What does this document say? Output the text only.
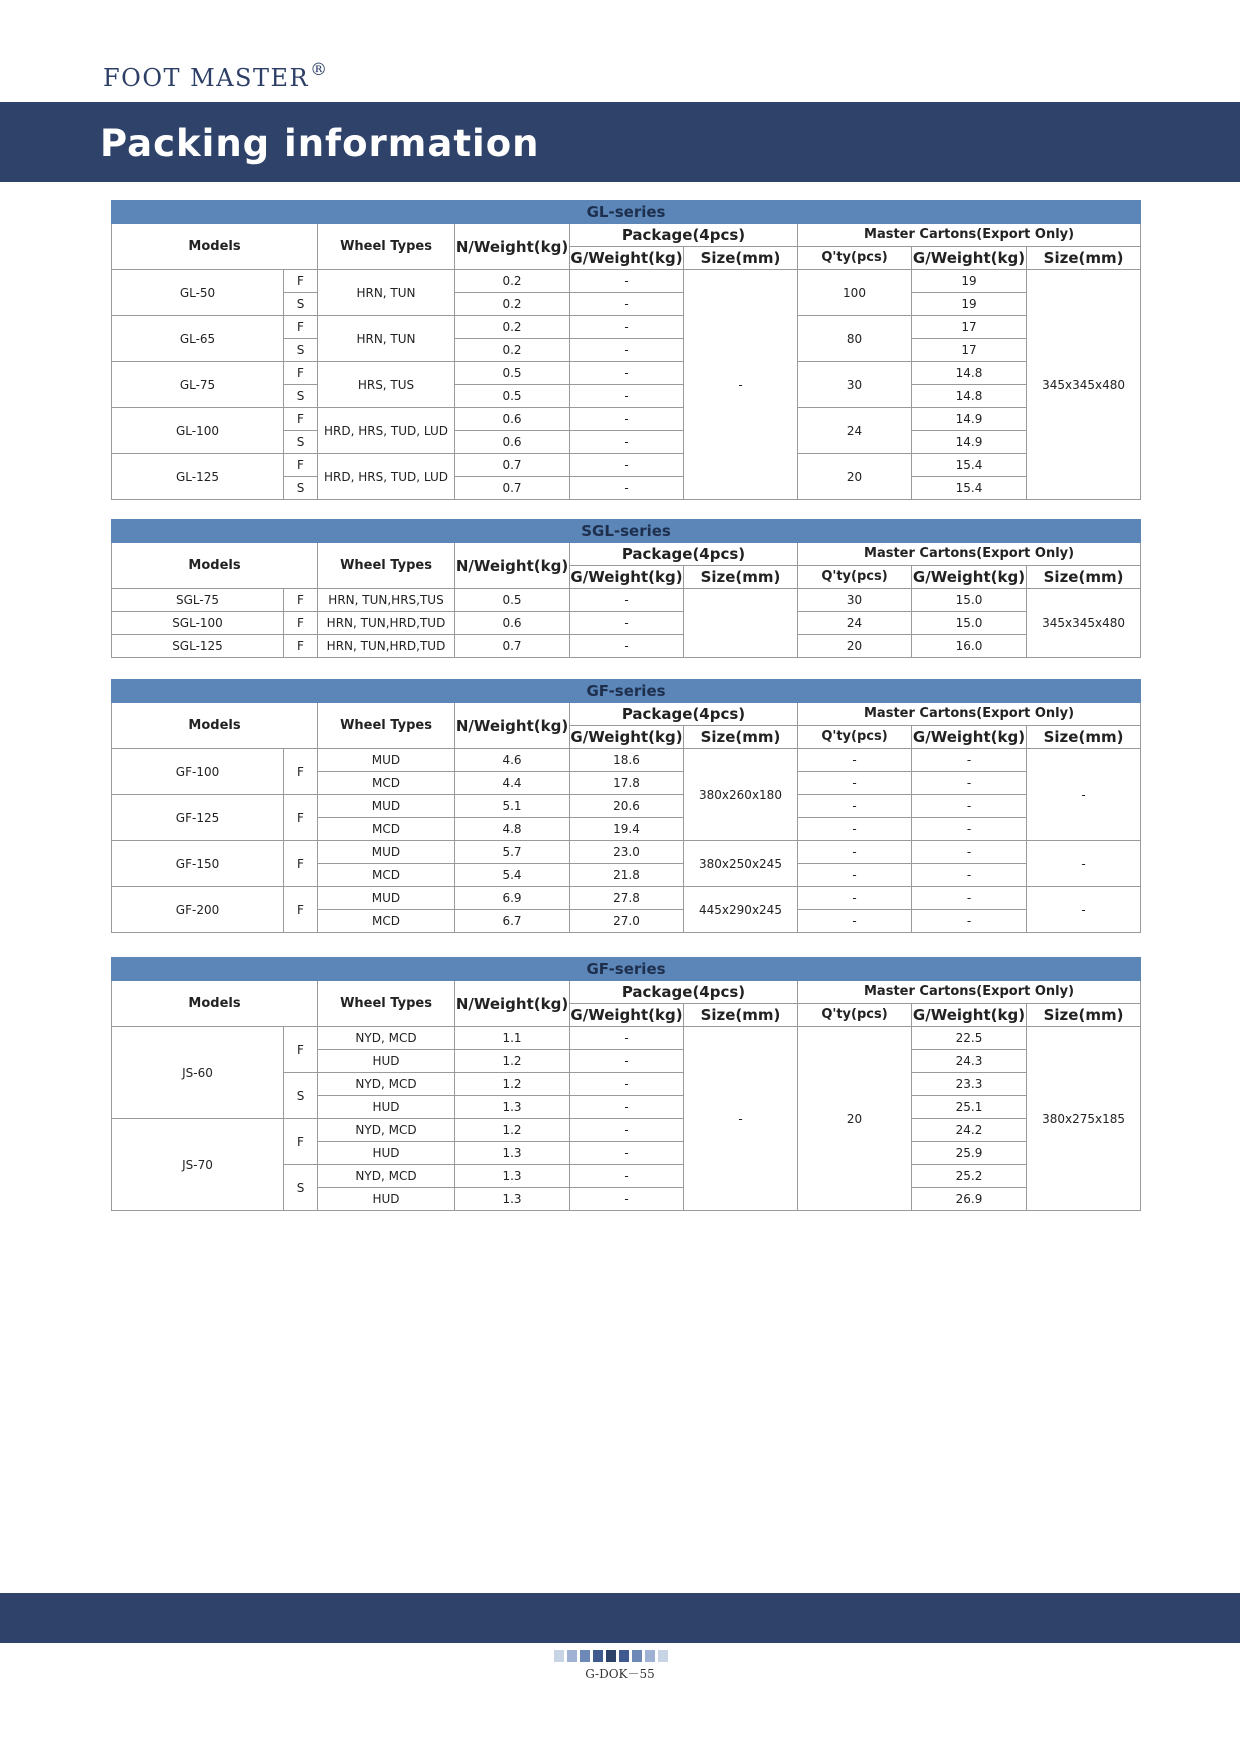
FOOT MASTER®
Packing information
GL-series								
Models		Wheel Types	N/Weight(kg)	Package(4pcs)		Master Cartons(Export Only)		
				G/Weight(kg)	Size(mm)	Q'ty(pcs)	G/Weight(kg)	Size(mm)
GL-50	F	HRN, TUN	0.2	-	-	100	19	345x345x480
	S		0.2	-			19	
GL-65	F	HRN, TUN	0.2	-		80	17	
	S		0.2	-			17	
GL-75	F	HRS, TUS	0.5	-		30	14.8	
	S		0.5	-			14.8	
GL-100	F	HRD, HRS, TUD, LUD	0.6	-		24	14.9	
	S		0.6	-			14.9	
GL-125	F	HRD, HRS, TUD, LUD	0.7	-		20	15.4	
	S		0.7	-			15.4	
SGL-series								
Models		Wheel Types	N/Weight(kg)	Package(4pcs)		Master Cartons(Export Only)		
				G/Weight(kg)	Size(mm)	Q'ty(pcs)	G/Weight(kg)	Size(mm)
SGL-75	F	HRN, TUN,HRS,TUS	0.5	-		30	15.0	345x345x480
SGL-100	F	HRN, TUN,HRD,TUD	0.6	-		24	15.0	
SGL-125	F	HRN, TUN,HRD,TUD	0.7	-		20	16.0	
GF-series								
Models		Wheel Types	N/Weight(kg)	Package(4pcs)		Master Cartons(Export Only)		
				G/Weight(kg)	Size(mm)	Q'ty(pcs)	G/Weight(kg)	Size(mm)
GF-100	F	MUD	4.6	18.6	380x260x180	-	-	-
		MCD	4.4	17.8		-	-	
GF-125	F	MUD	5.1	20.6		-	-	
		MCD	4.8	19.4		-	-	
GF-150	F	MUD	5.7	23.0	380x250x245	-	-	-
		MCD	5.4	21.8		-	-	
GF-200	F	MUD	6.9	27.8	445x290x245	-	-	-
		MCD	6.7	27.0		-	-	
GF-series								
Models		Wheel Types	N/Weight(kg)	Package(4pcs)		Master Cartons(Export Only)		
				G/Weight(kg)	Size(mm)	Q'ty(pcs)	G/Weight(kg)	Size(mm)
JS-60	F	NYD, MCD	1.1	-	-	20	22.5	380x275x185
		HUD	1.2	-			24.3	
	S	NYD, MCD	1.2	-			23.3	
		HUD	1.3	-			25.1	
JS-70	F	NYD, MCD	1.2	-			24.2	
		HUD	1.3	-			25.9	
	S	NYD, MCD	1.3	-			25.2	
		HUD	1.3	-			26.9	
G-DOK－55
